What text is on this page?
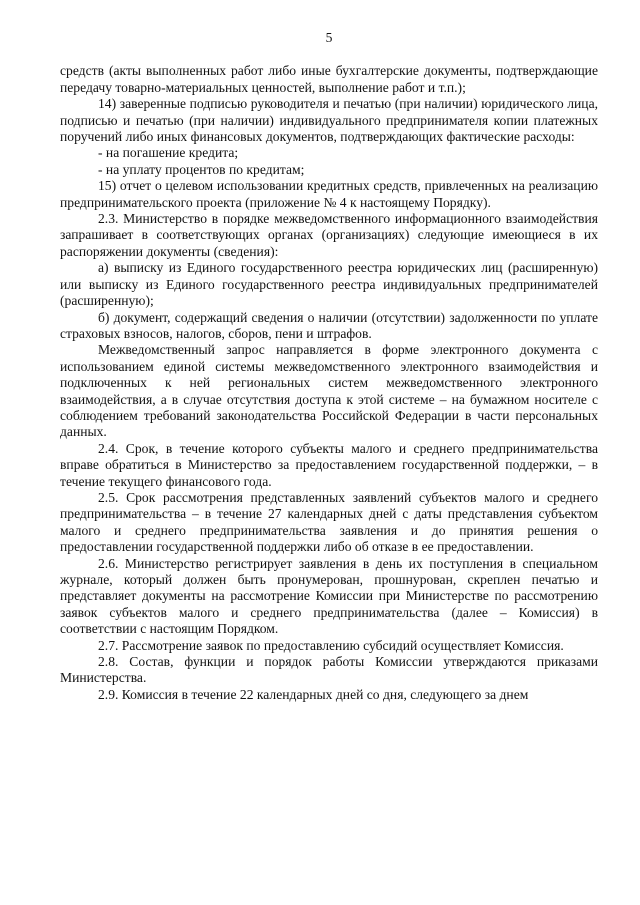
5

средств (акты выполненных работ либо иные бухгалтерские документы, подтверждающие передачу товарно-материальных ценностей, выполнение работ и т.п.);

14) заверенные подписью руководителя и печатью (при наличии) юридического лица, подписью и печатью (при наличии) индивидуального предпринимателя копии платежных поручений либо иных финансовых документов, подтверждающих фактические расходы:

- на погашение кредита;

- на уплату процентов по кредитам;

15) отчет о целевом использовании кредитных средств, привлеченных на реализацию предпринимательского проекта (приложение № 4 к настоящему Порядку).

2.3. Министерство в порядке межведомственного информационного взаимодействия запрашивает в соответствующих органах (организациях) следующие имеющиеся в их распоряжении документы (сведения):

а) выписку из Единого государственного реестра юридических лиц (расширенную) или выписку из Единого государственного реестра индивидуальных предпринимателей (расширенную);

б) документ, содержащий сведения о наличии (отсутствии) задолженности по уплате страховых взносов, налогов, сборов, пени и штрафов.

Межведомственный запрос направляется в форме электронного документа с использованием единой системы межведомственного электронного взаимодействия и подключенных к ней региональных систем межведомственного электронного взаимодействия, а в случае отсутствия доступа к этой системе – на бумажном носителе с соблюдением требований законодательства Российской Федерации в части персональных данных.

2.4. Срок, в течение которого субъекты малого и среднего предпринимательства вправе обратиться в Министерство за предоставлением государственной поддержки, – в течение текущего финансового года.

2.5. Срок рассмотрения представленных заявлений субъектов малого и среднего предпринимательства – в течение 27 календарных дней с даты представления субъектом малого и среднего предпринимательства заявления и до принятия решения о предоставлении государственной поддержки либо об отказе в ее предоставлении.

2.6. Министерство регистрирует заявления в день их поступления в специальном журнале, который должен быть пронумерован, прошнурован, скреплен печатью и представляет документы на рассмотрение Комиссии при Министерстве по рассмотрению заявок субъектов малого и среднего предпринимательства (далее – Комиссия) в соответствии с настоящим Порядком.

2.7. Рассмотрение заявок по предоставлению субсидий осуществляет Комиссия.

2.8. Состав, функции и порядок работы Комиссии утверждаются приказами Министерства.

2.9. Комиссия в течение 22 календарных дней со дня, следующего за днем
